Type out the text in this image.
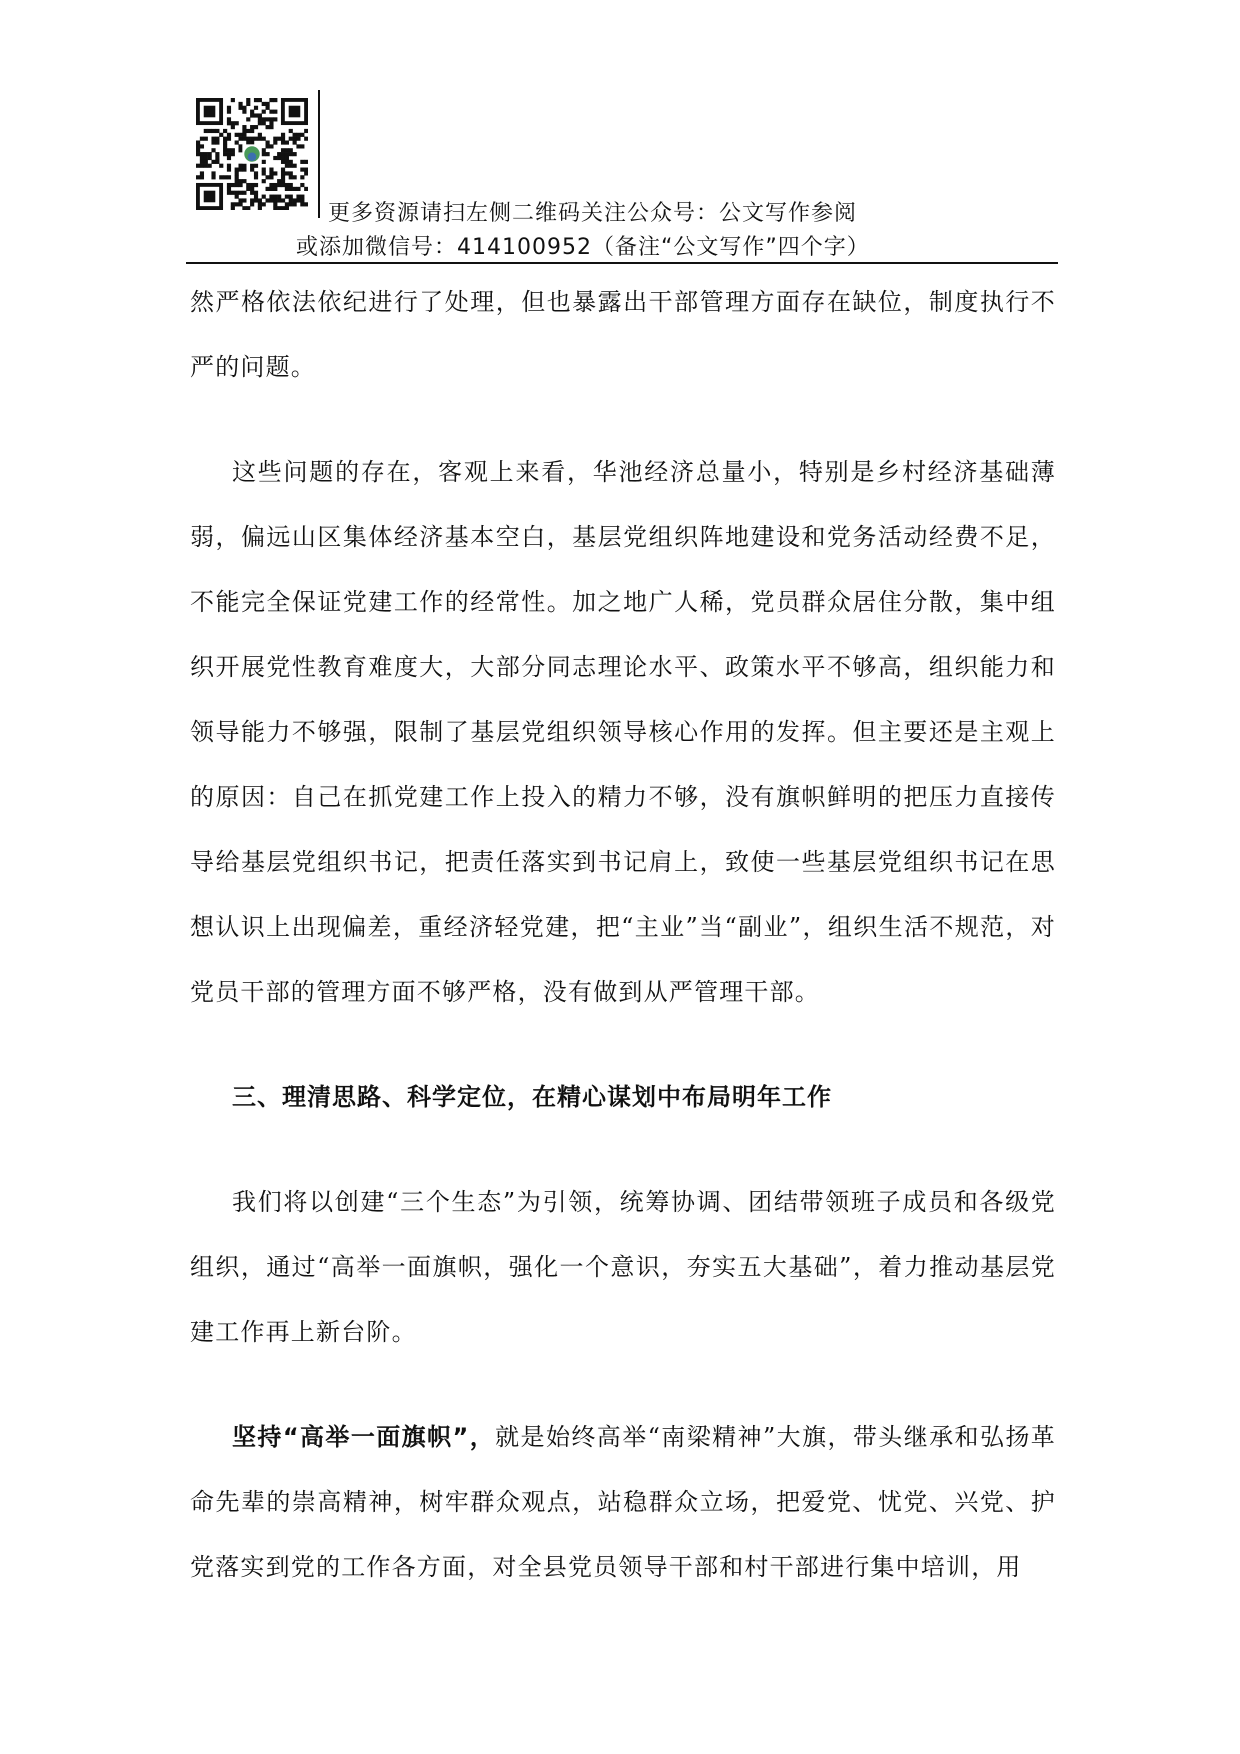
更多资源请扫左侧二维码关注公众号：公文写作参阅
或添加微信号：414100952（备注“公文写作”四个字）

然严格依法依纪进行了处理，但也暴露出干部管理方面存在缺位，制度执行不严的问题。

这些问题的存在，客观上来看，华池经济总量小，特别是乡村经济基础薄弱，偏远山区集体经济基本空白，基层党组织阵地建设和党务活动经费不足，不能完全保证党建工作的经常性。加之地广人稀，党员群众居住分散，集中组织开展党性教育难度大，大部分同志理论水平、政策水平不够高，组织能力和领导能力不够强，限制了基层党组织领导核心作用的发挥。但主要还是主观上的原因：自己在抓党建工作上投入的精力不够，没有旗帜鲜明的把压力直接传导给基层党组织书记，把责任落实到书记肩上，致使一些基层党组织书记在思想认识上出现偏差，重经济轻党建，把“主业”当“副业”，组织生活不规范，对党员干部的管理方面不够严格，没有做到从严管理干部。

三、理清思路、科学定位，在精心谋划中布局明年工作

我们将以创建“三个生态”为引领，统筹协调、团结带领班子成员和各级党组织，通过“高举一面旗帜，强化一个意识，夯实五大基础”，着力推动基层党建工作再上新台阶。

坚持“高举一面旗帜”，就是始终高举“南梁精神”大旗，带头继承和弘扬革命先辈的崇高精神，树牢群众观点，站稳群众立场，把爱党、忧党、兴党、护党落实到党的工作各方面，对全县党员领导干部和村干部进行集中培训，用
